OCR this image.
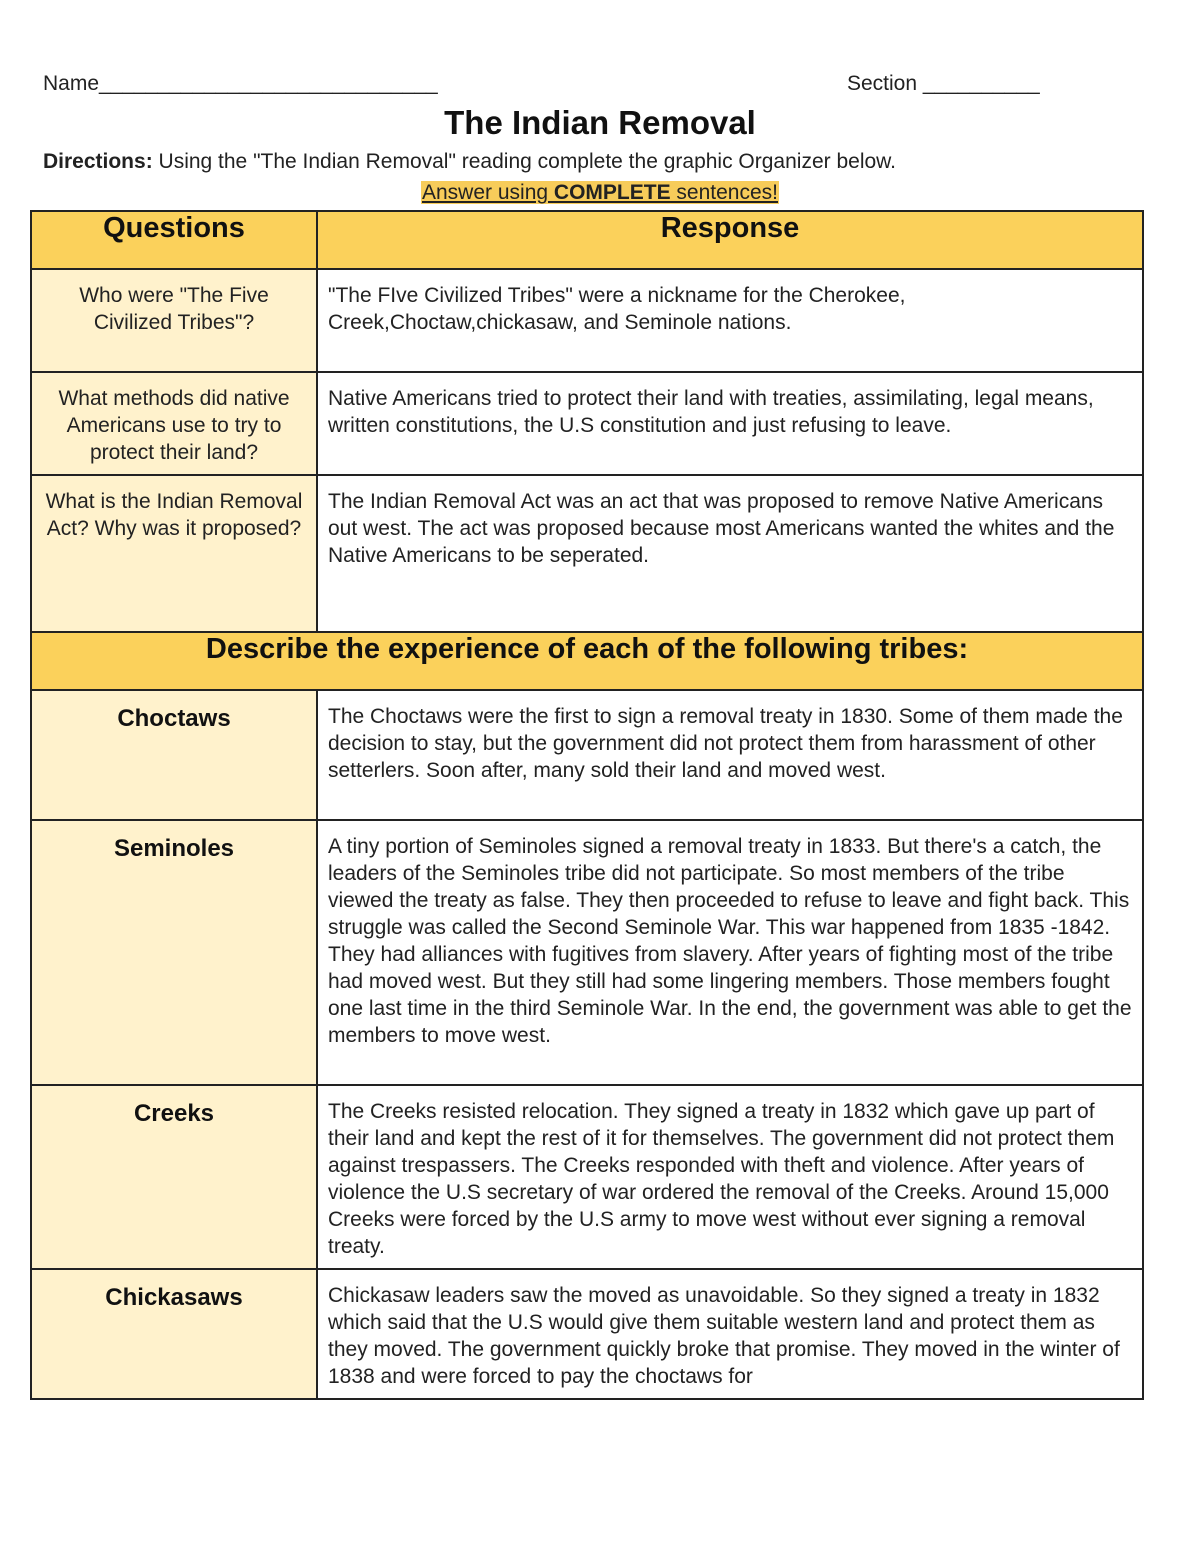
Name_____________________________	Section __________
The Indian Removal
Directions: Using the "The Indian Removal" reading complete the graphic Organizer below.
Answer using COMPLETE sentences!
Questions	Response
Who were "The Five Civilized Tribes"?	"The FIve Civilized Tribes" were a nickname for the Cherokee, Creek,Choctaw,chickasaw, and Seminole nations.
What methods did native Americans use to try to protect their land?	Native Americans tried to protect their land with treaties, assimilating, legal means, written constitutions, the U.S constitution and just refusing to leave.
What is the Indian Removal Act? Why was it proposed?	The Indian Removal Act was an act that was proposed to remove Native Americans out west. The act was proposed because most Americans wanted the whites and the Native Americans to be seperated.
Describe the experience of each of the following tribes:	
Choctaws	The Choctaws were the first to sign a removal treaty in 1830. Some of them made the decision to stay, but the government did not protect them from harassment of other setterlers. Soon after, many sold their land and moved west.
Seminoles	A tiny portion of Seminoles signed a removal treaty in 1833. But there's a catch, the leaders of the Seminoles tribe did not participate. So most members of the tribe viewed the treaty as false. They then proceeded to refuse to leave and fight back. This struggle was called the Second Seminole War. This war happened from 1835 -1842. They had alliances with fugitives from slavery. After years of fighting most of the tribe had moved west. But they still had some lingering members. Those members fought one last time in the third Seminole War. In the end, the government was able to get the members to move west.
Creeks	The Creeks resisted relocation. They signed a treaty in 1832 which gave up part of their land and kept the rest of it for themselves. The government did not protect them against trespassers. The Creeks responded with theft and violence. After years of violence the U.S secretary of war ordered the removal of the Creeks. Around 15,000 Creeks were forced by the U.S army to move west without ever signing a removal treaty.
Chickasaws	Chickasaw leaders saw the moved as unavoidable. So they signed a treaty in 1832 which said that the U.S would give them suitable western land and protect them as they moved. The government quickly broke that promise. They moved in the winter of 1838 and were forced to pay the choctaws for
